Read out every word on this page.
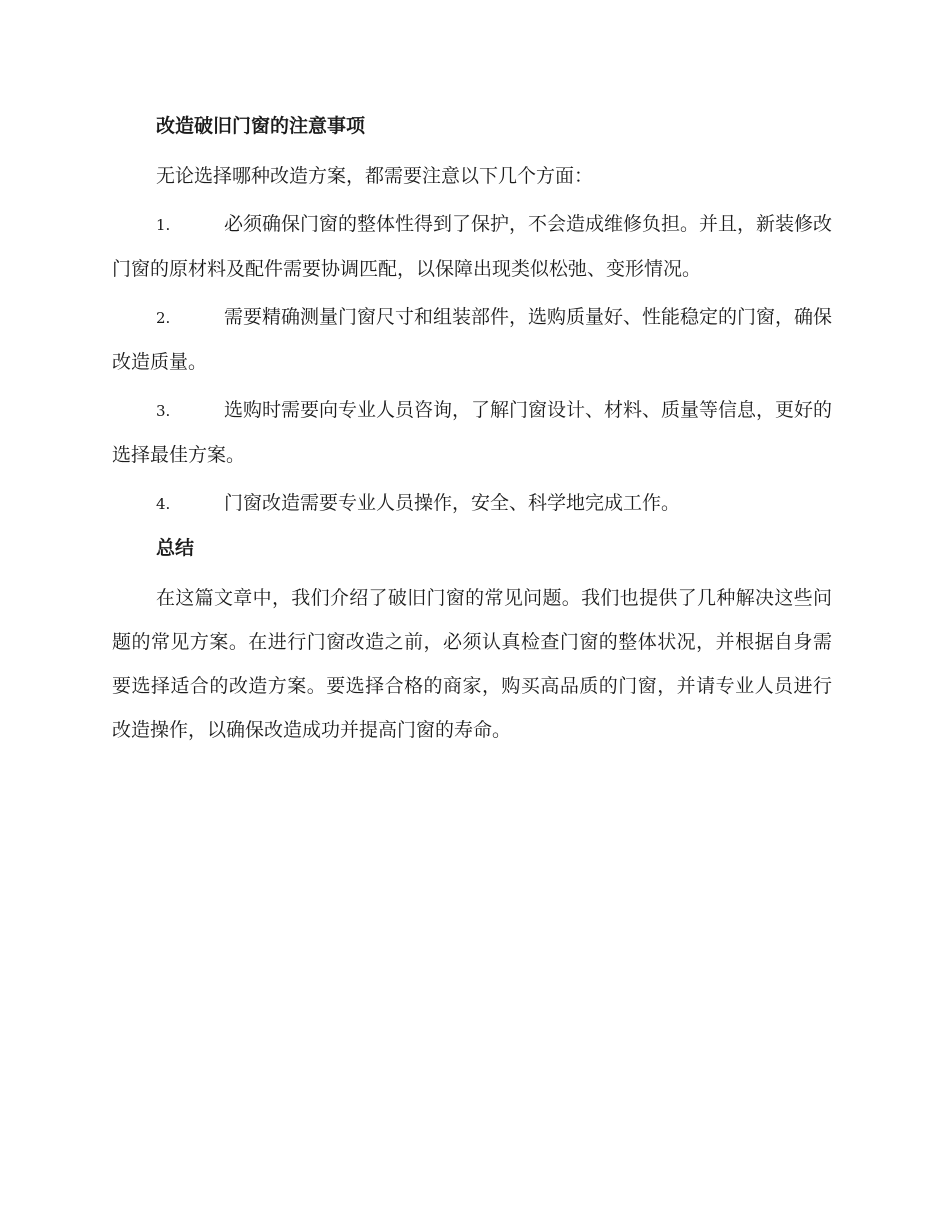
改造破旧门窗的注意事项

无论选择哪种改造方案，都需要注意以下几个方面：

1.	必须确保门窗的整体性得到了保护，不会造成维修负担。并且，新装修改门窗的原材料及配件需要协调匹配，以保障出现类似松弛、变形情况。

2.	需要精确测量门窗尺寸和组装部件，选购质量好、性能稳定的门窗，确保改造质量。

3.	选购时需要向专业人员咨询，了解门窗设计、材料、质量等信息，更好的选择最佳方案。

4.	门窗改造需要专业人员操作，安全、科学地完成工作。

总结

在这篇文章中，我们介绍了破旧门窗的常见问题。我们也提供了几种解决这些问题的常见方案。在进行门窗改造之前，必须认真检查门窗的整体状况，并根据自身需要选择适合的改造方案。要选择合格的商家，购买高品质的门窗，并请专业人员进行改造操作，以确保改造成功并提高门窗的寿命。
